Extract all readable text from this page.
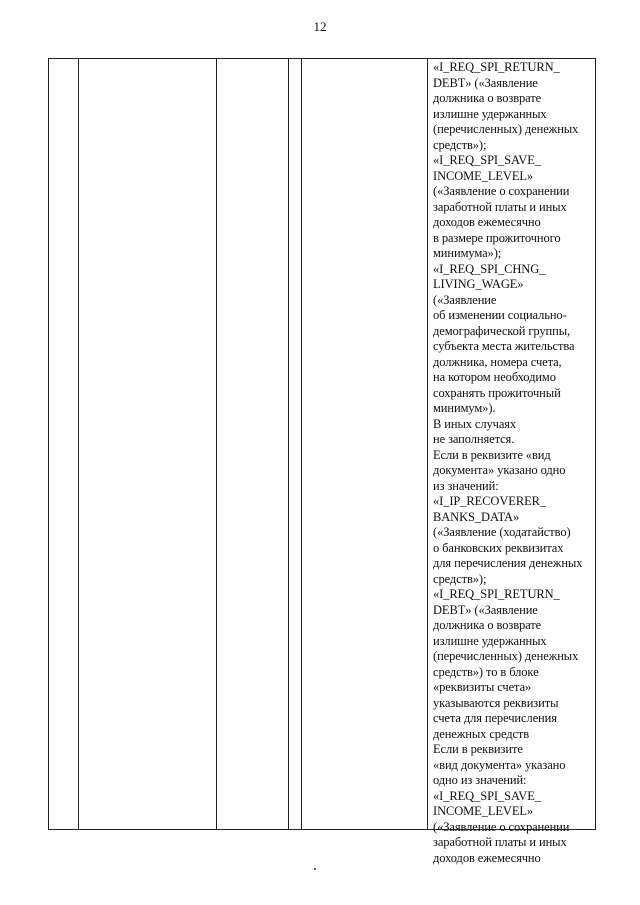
12
«I_REQ_SPI_RETURN_
DEBT» («Заявление
должника о возврате
излишне удержанных
(перечисленных) денежных
средств»);
«I_REQ_SPI_SAVE_
INCOME_LEVEL»
(«Заявление о сохранении
заработной платы и иных
доходов ежемесячно
в размере прожиточного
минимума»);
«I_REQ_SPI_CHNG_
LIVING_WAGE»
(«Заявление
об изменении социально-
демографической группы,
субъекта места жительства
должника, номера счета,
на котором необходимо
сохранять прожиточный
минимум»).
В иных случаях
не заполняется.
Если в реквизите «вид
документа» указано одно
из значений:
«I_IP_RECOVERER_
BANKS_DATA»
(«Заявление (ходатайство)
о банковских реквизитах
для перечисления денежных
средств»);
«I_REQ_SPI_RETURN_
DEBT» («Заявление
должника о возврате
излишне удержанных
(перечисленных) денежных
средств») то в блоке
«реквизиты счета»
указываются реквизиты
счета для перечисления
денежных средств
Если в реквизите
«вид документа» указано
одно из значений:
«I_REQ_SPI_SAVE_
INCOME_LEVEL»
(«Заявление о сохранении
заработной платы и иных
доходов ежемесячно
